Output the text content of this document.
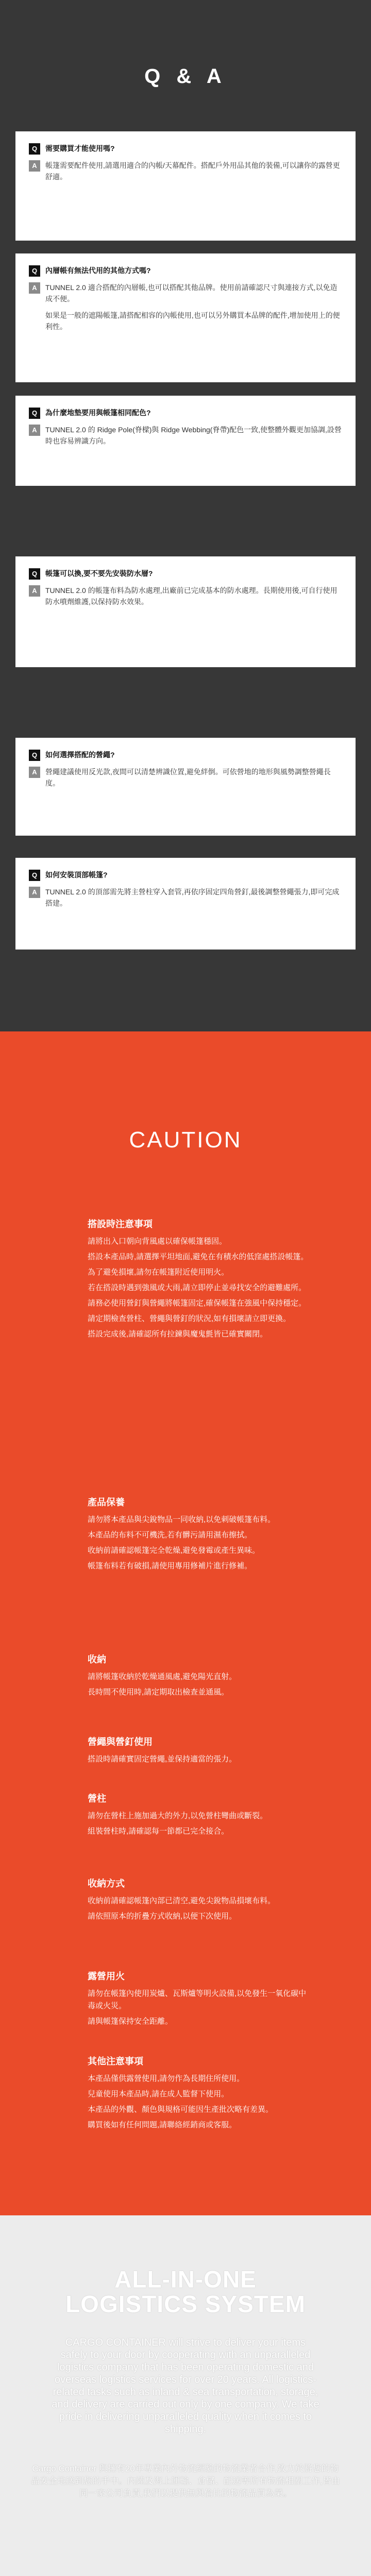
Q & A
Q	需要購買才能使用嗎?
A	帳篷需要配件使用,請選用適合的內帳/天幕配件。搭配戶外用品其他的裝備,可以讓你的露營更舒適。
Q	內層帳有無法代用的其他方式嗎?
A	TUNNEL 2.0 適合搭配的內層帳,也可以搭配其他品牌。使用前請確認尺寸與連接方式,以免造成不便。
如果是一般的遮陽帳篷,請搭配相容的內帳使用,也可以另外購買本品牌的配件,增加使用上的便利性。
Q	為什麼地墊要用與帳篷相同配色?
A	TUNNEL 2.0 的 Ridge Pole(脊樑)與 Ridge Webbing(脊帶)配色一致,使整體外觀更加協調,設營時也容易辨識方向。
Q	帳篷可以換,要不要先安裝防水層?
A	TUNNEL 2.0 的帳篷布料為防水處理,出廠前已完成基本的防水處理。長期使用後,可自行使用防水噴劑維護,以保持防水效果。
Q	如何選擇搭配的營繩?
A	營繩建議使用反光款,夜間可以清楚辨識位置,避免絆倒。可依營地的地形與風勢調整營繩長度。
Q	如何安裝頂部帳篷?
A	TUNNEL 2.0 的頂部需先將主營柱穿入套管,再依序固定四角營釘,最後調整營繩張力,即可完成搭建。
CAUTION
搭設時注意事項
請將出入口朝向背風處以確保帳篷穩固。
搭設本產品時,請選擇平坦地面,避免在有積水的低窪處搭設帳篷。
為了避免損壞,請勿在帳篷附近使用明火。
若在搭設時遇到強風或大雨,請立即停止並尋找安全的避難處所。
請務必使用營釘與營繩將帳篷固定,確保帳篷在強風中保持穩定。
請定期檢查營柱、營繩與營釘的狀況,如有損壞請立即更換。
搭設完成後,請確認所有拉鍊與魔鬼氈皆已確實關閉。
產品保養
請勿將本產品與尖銳物品一同收納,以免刺破帳篷布料。
本產品的布料不可機洗,若有髒污請用濕布擦拭。
收納前請確認帳篷完全乾燥,避免發霉或產生異味。
帳篷布料若有破損,請使用專用修補片進行修補。
收納
請將帳篷收納於乾燥通風處,避免陽光直射。
長時間不使用時,請定期取出檢查並通風。
營繩與營釘使用
搭設時請確實固定營繩,並保持適當的張力。
營柱
請勿在營柱上施加過大的外力,以免營柱彎曲或斷裂。
組裝營柱時,請確認每一節都已完全接合。
收納方式
收納前請確認帳篷內部已清空,避免尖銳物品損壞布料。
請依照原本的折疊方式收納,以便下次使用。
露營用火
請勿在帳篷內使用炭爐、瓦斯爐等明火設備,以免發生一氧化碳中毒或火災。
請與帳篷保持安全距離。
其他注意事項
本產品僅供露營使用,請勿作為長期住所使用。
兒童使用本產品時,請在成人監督下使用。
本產品的外觀、顏色與規格可能因生產批次略有差異。
購買後如有任何問題,請聯絡經銷商或客服。
ALL-IN-ONE
LOGISTICS SYSTEM
CARGO CONTAINER will strive to deliver your items safely to your door by cooperating with an unparalleled logistics company that has been operating domestic and overseas logistics services for over 20 years. All logistics-related tasks such as inland & sea transportation, storage, and delivery are carried out only by one company. We take pride in delivering unparalleled quality when it comes to shipping.
Cargo Container 與擁有20年專業內外物流經驗的物流業者合作,致力於將您的物品安全地送到您的手中。內陸及海上運輸、倉儲、配送等所有物流相關工作,皆由同一家公司負責,我們以提供無與倫比的物流品質為榮。
